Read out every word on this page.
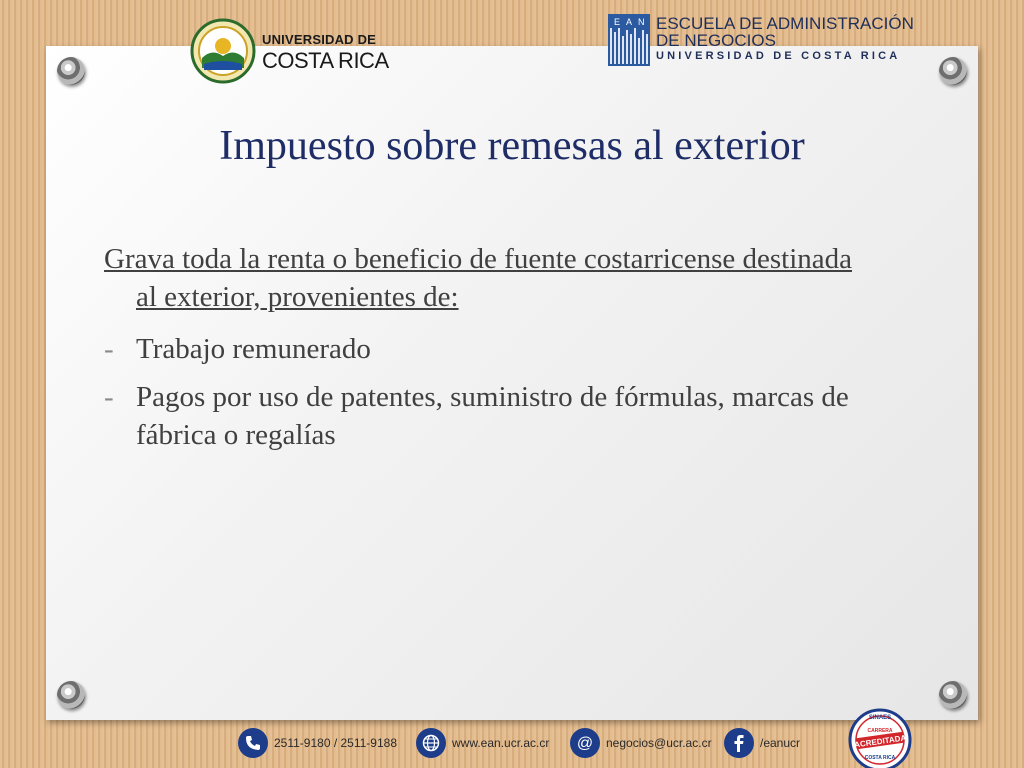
UNIVERSIDAD DE
COSTA RICA
E A N ESCUELA DE ADMINISTRACIÓN
DE NEGOCIOS
UNIVERSIDAD DE COSTA RICA
Impuesto sobre remesas al exterior

Grava toda la renta o beneficio de fuente costarricense destinada al exterior, provenientes de:

- Trabajo remunerado
- Pagos por uso de patentes, suministro de fórmulas, marcas de fábrica o regalías
2511-9180 / 2511-9188	www.ean.ucr.ac.cr @ negocios@ucr.ac.cr	/eanucr
SINAES
CARRERA
ACREDITADA
COSTA RICA
